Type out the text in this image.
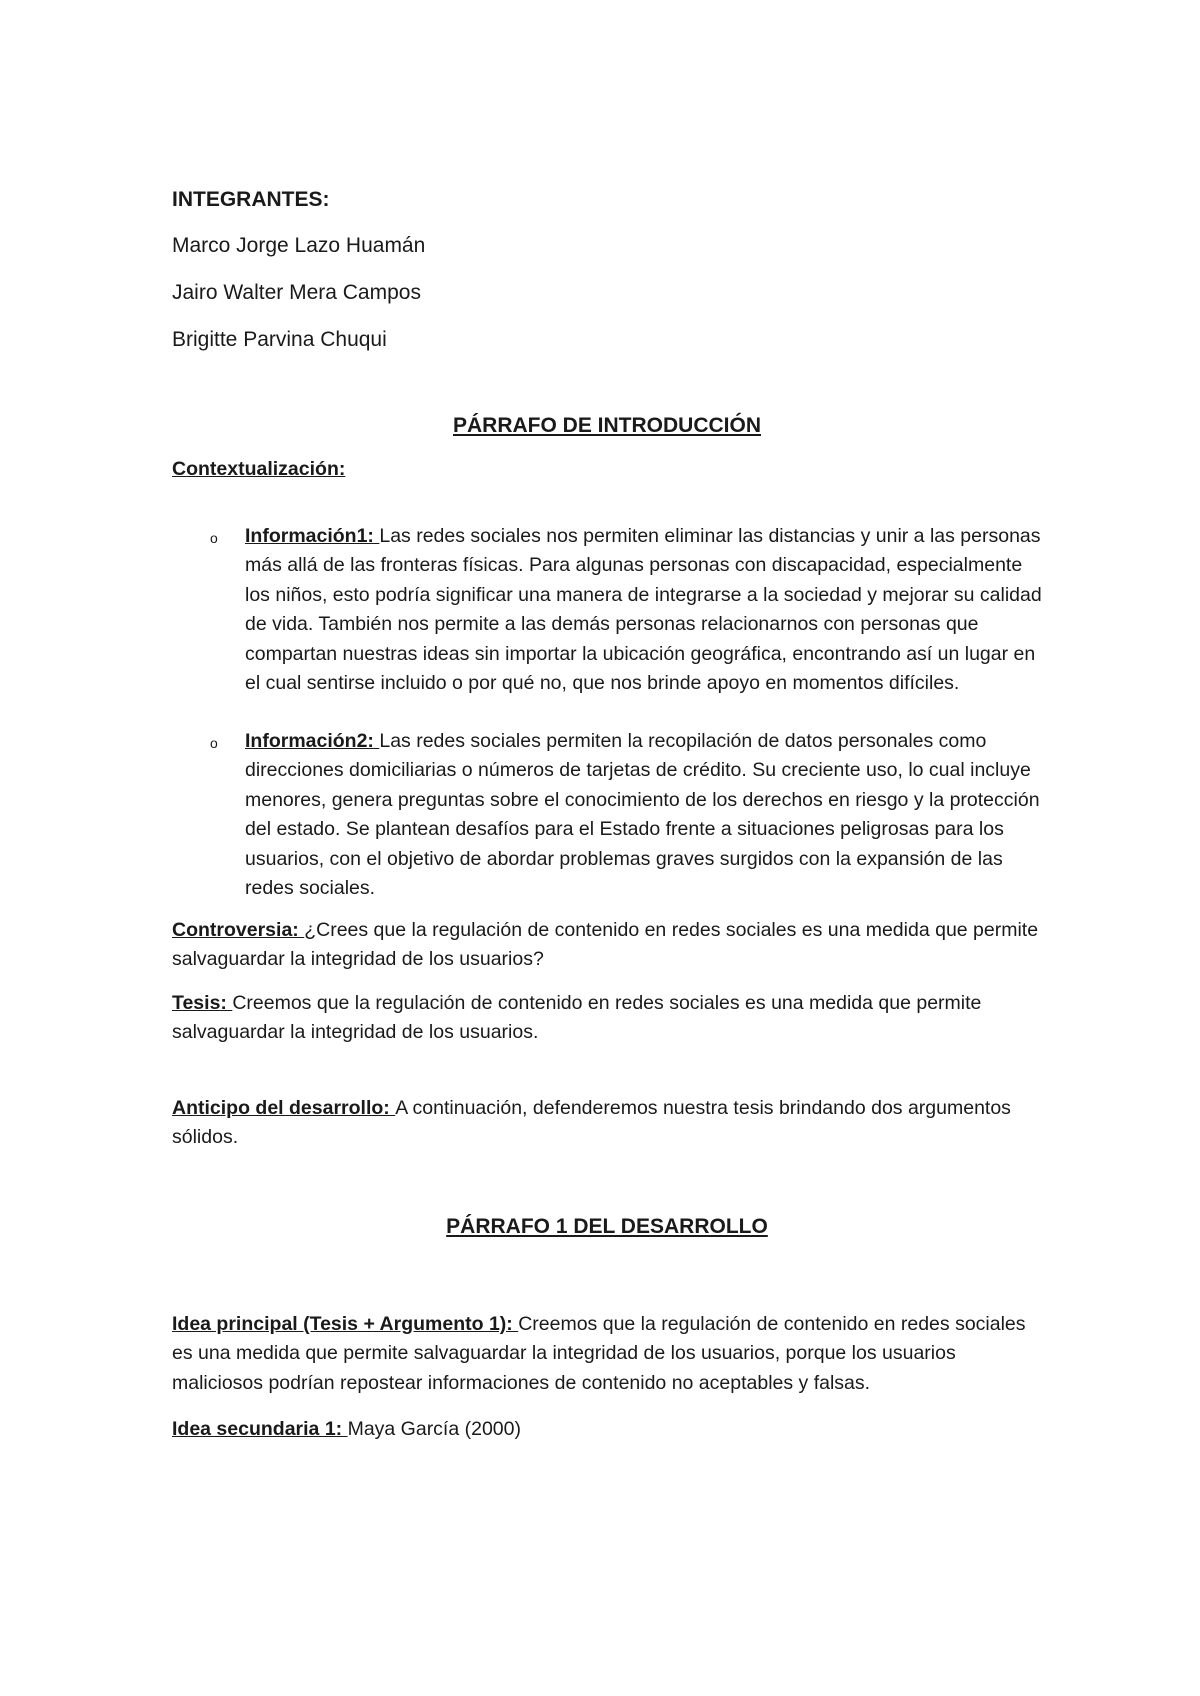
INTEGRANTES:
Marco Jorge Lazo Huamán
Jairo Walter Mera Campos
Brigitte Parvina Chuqui
PÁRRAFO DE INTRODUCCIÓN
Contextualización:
o Información1: Las redes sociales nos permiten eliminar las distancias y unir a las personas más allá de las fronteras físicas. Para algunas personas con discapacidad, especialmente los niños, esto podría significar una manera de integrarse a la sociedad y mejorar su calidad de vida. También nos permite a las demás personas relacionarnos con personas que compartan nuestras ideas sin importar la ubicación geográfica, encontrando así un lugar en el cual sentirse incluido o por qué no, que nos brinde apoyo en momentos difíciles.
o Información2: Las redes sociales permiten la recopilación de datos personales como direcciones domiciliarias o números de tarjetas de crédito. Su creciente uso, lo cual incluye menores, genera preguntas sobre el conocimiento de los derechos en riesgo y la protección del estado. Se plantean desafíos para el Estado frente a situaciones peligrosas para los usuarios, con el objetivo de abordar problemas graves surgidos con la expansión de las redes sociales.

Controversia: ¿Crees que la regulación de contenido en redes sociales es una medida que permite salvaguardar la integridad de los usuarios?

Tesis: Creemos que la regulación de contenido en redes sociales es una medida que permite salvaguardar la integridad de los usuarios.

Anticipo del desarrollo: A continuación, defenderemos nuestra tesis brindando dos argumentos sólidos.

PÁRRAFO 1 DEL DESARROLLO

Idea principal (Tesis + Argumento 1): Creemos que la regulación de contenido en redes sociales es una medida que permite salvaguardar la integridad de los usuarios, porque los usuarios maliciosos podrían repostear informaciones de contenido no aceptables y falsas.

Idea secundaria 1: Maya García (2000)
